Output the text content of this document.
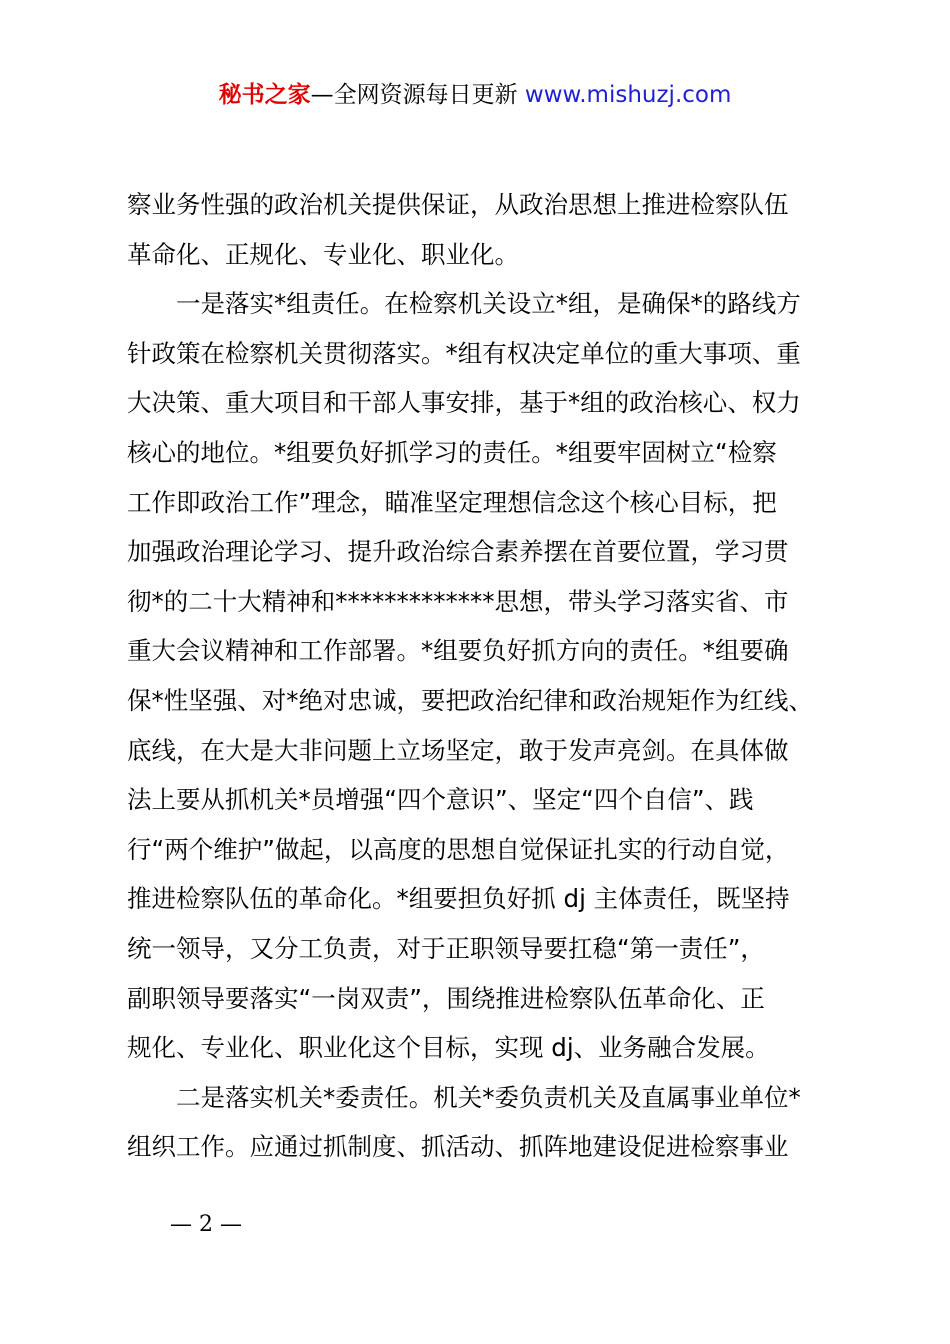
秘书之家—全网资源每日更新 www.mishuzj.com
察业务性强的政治机关提供保证，从政治思想上推进检察队伍
革命化、正规化、专业化、职业化。
一是落实*组责任。在检察机关设立*组，是确保*的路线方
针政策在检察机关贯彻落实。*组有权决定单位的重大事项、重
大决策、重大项目和干部人事安排，基于*组的政治核心、权力
核心的地位。*组要负好抓学习的责任。*组要牢固树立“检察
工作即政治工作”理念，瞄准坚定理想信念这个核心目标，把
加强政治理论学习、提升政治综合素养摆在首要位置，学习贯
彻*的二十大精神和*************思想，带头学习落实省、市
重大会议精神和工作部署。*组要负好抓方向的责任。*组要确
保*性坚强、对*绝对忠诚，要把政治纪律和政治规矩作为红线、
底线，在大是大非问题上立场坚定，敢于发声亮剑。在具体做
法上要从抓机关*员增强“四个意识”、坚定“四个自信”、践
行“两个维护”做起，以高度的思想自觉保证扎实的行动自觉，
推进检察队伍的革命化。*组要担负好抓 dj 主体责任，既坚持
统一领导，又分工负责，对于正职领导要扛稳“第一责任”，
副职领导要落实“一岗双责”，围绕推进检察队伍革命化、正
规化、专业化、职业化这个目标，实现 dj、业务融合发展。
二是落实机关*委责任。机关*委负责机关及直属事业单位*
组织工作。应通过抓制度、抓活动、抓阵地建设促进检察事业
— 2 —
